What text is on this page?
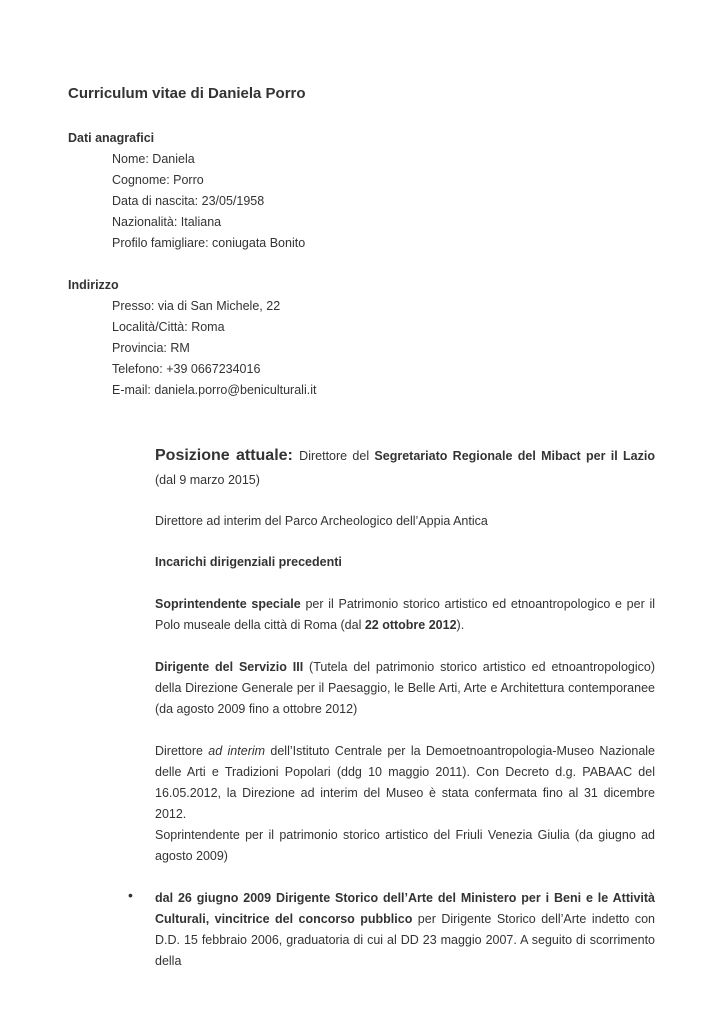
Curriculum vitae di Daniela Porro
Dati anagrafici
Nome: Daniela
Cognome: Porro
Data di nascita: 23/05/1958
Nazionalità: Italiana
Profilo famigliare: coniugata Bonito
Indirizzo
Presso: via di San Michele, 22
Località/Città: Roma
Provincia: RM
Telefono: +39 0667234016
E-mail: daniela.porro@beniculturali.it
Posizione attuale: Direttore del Segretariato Regionale del Mibact per il Lazio (dal 9 marzo 2015)
Direttore ad interim del Parco Archeologico dell’Appia Antica
Incarichi dirigenziali precedenti
Soprintendente speciale per il Patrimonio storico artistico ed etnoantropologico e per il Polo museale della città di Roma (dal 22 ottobre 2012).
Dirigente del Servizio III (Tutela del patrimonio storico artistico ed etnoantropologico) della Direzione Generale per il Paesaggio, le Belle Arti, Arte e Architettura contemporanee (da agosto 2009 fino a ottobre 2012)
Direttore ad interim dell’Istituto Centrale per la Demoetnoantropologia-Museo Nazionale delle Arti e Tradizioni Popolari (ddg 10 maggio 2011). Con Decreto d.g. PABAAC del 16.05.2012, la Direzione ad interim del Museo è stata confermata fino al 31 dicembre 2012.
Soprintendente per il patrimonio storico artistico del Friuli Venezia Giulia (da giugno ad agosto 2009)
• dal 26 giugno 2009 Dirigente Storico dell’Arte del Ministero per i Beni e le Attività Culturali, vincitrice del concorso pubblico per Dirigente Storico dell’Arte indetto con D.D. 15 febbraio 2006, graduatoria di cui al DD 23 maggio 2007. A seguito di scorrimento della
